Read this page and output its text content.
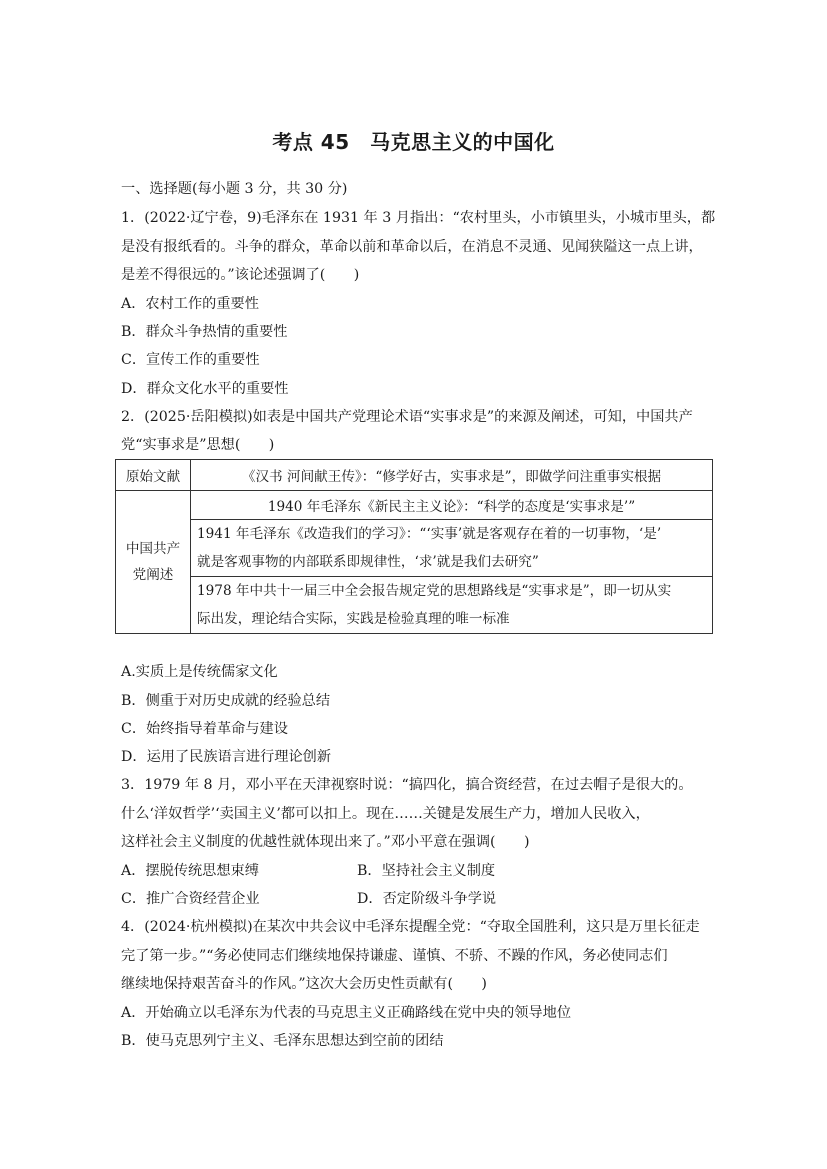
考点 45　马克思主义的中国化
一、选择题(每小题 3 分，共 30 分)
1．(2022·辽宁卷，9)毛泽东在 1931 年 3 月指出：“农村里头，小市镇里头，小城市里头，都
是没有报纸看的。斗争的群众，革命以前和革命以后，在消息不灵通、见闻狭隘这一点上讲，
是差不得很远的。”该论述强调了(　　)
A．农村工作的重要性
B．群众斗争热情的重要性
C．宣传工作的重要性
D．群众文化水平的重要性
2．(2025·岳阳模拟)如表是中国共产党理论术语“实事求是”的来源及阐述，可知，中国共产
党“实事求是”思想(　　)
原始文献	《汉书 河间献王传》：“修学好古，实事求是”，即做学问注重事实根据
中国共产
党阐述	1940 年毛泽东《新民主主义论》：“科学的态度是‘实事求是’”
	1941 年毛泽东《改造我们的学习》：“‘实事’就是客观存在着的一切事物，‘是’
就是客观事物的内部联系即规律性，‘求’就是我们去研究”
	1978 年中共十一届三中全会报告规定党的思想路线是“实事求是”，即一切从实
际出发，理论结合实际，实践是检验真理的唯一标准
A.实质上是传统儒家文化
B．侧重于对历史成就的经验总结
C．始终指导着革命与建设
D．运用了民族语言进行理论创新
3．1979 年 8 月，邓小平在天津视察时说：“搞四化，搞合资经营，在过去帽子是很大的。
什么‘洋奴哲学’‘卖国主义’都可以扣上。现在……关键是发展生产力，增加人民收入，
这样社会主义制度的优越性就体现出来了。”邓小平意在强调(　　)
A．摆脱传统思想束缚	B．坚持社会主义制度
C．推广合资经营企业	D．否定阶级斗争学说
4．(2024·杭州模拟)在某次中共会议中毛泽东提醒全党：“夺取全国胜利，这只是万里长征走
完了第一步。”“务必使同志们继续地保持谦虚、谨慎、不骄、不躁的作风，务必使同志们
继续地保持艰苦奋斗的作风。”这次大会历史性贡献有(　　)
A．开始确立以毛泽东为代表的马克思主义正确路线在党中央的领导地位
B．使马克思列宁主义、毛泽东思想达到空前的团结
